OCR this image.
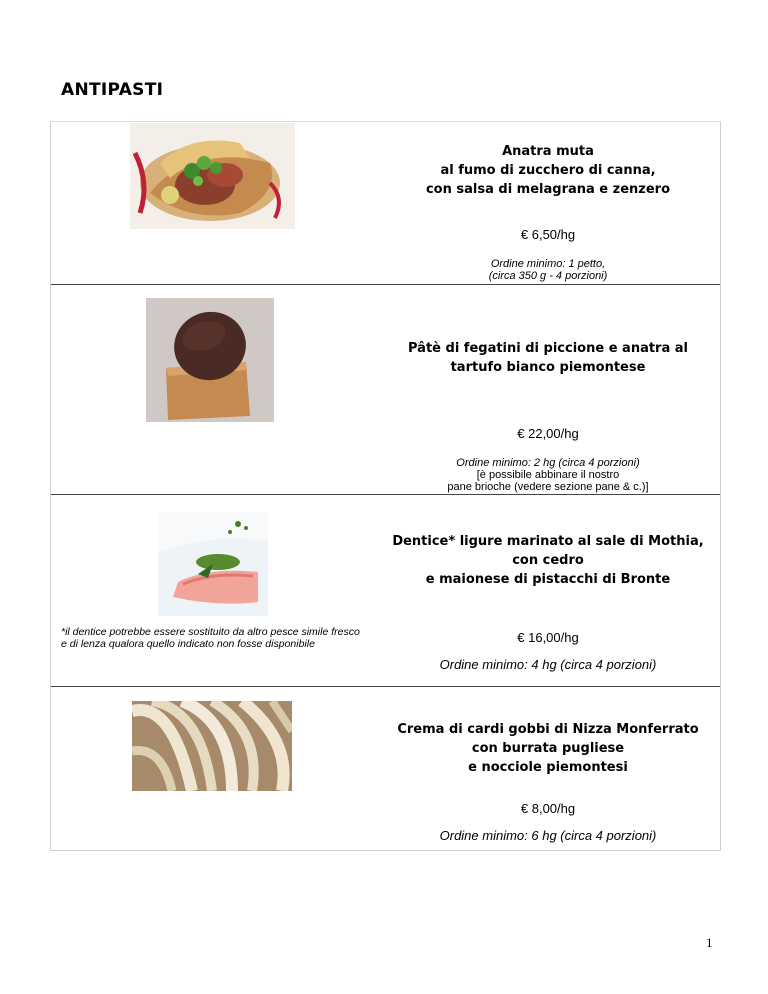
ANTIPASTI
Anatra muta
al fumo di zucchero di canna,
con salsa di melagrana e zenzero
€ 6,50/hg
Ordine minimo: 1 petto,
(circa 350 g - 4 porzioni)
Pâtè di fegatini di piccione e anatra al
tartufo bianco piemontese
€ 22,00/hg
Ordine minimo: 2 hg (circa 4 porzioni)
[è possibile abbinare il nostro
pane brioche (vedere sezione pane & c.)]
*il dentice potrebbe essere sostituito da altro pesce simile fresco e di lenza qualora quello indicato non fosse disponibile
Dentice* ligure marinato al sale di Mothia,
con cedro
e maionese di pistacchi di Bronte
€ 16,00/hg
Ordine minimo: 4 hg (circa 4 porzioni)
Crema di cardi gobbi di Nizza Monferrato
con burrata pugliese
e nocciole piemontesi
€ 8,00/hg
Ordine minimo: 6 hg (circa 4 porzioni)
1
